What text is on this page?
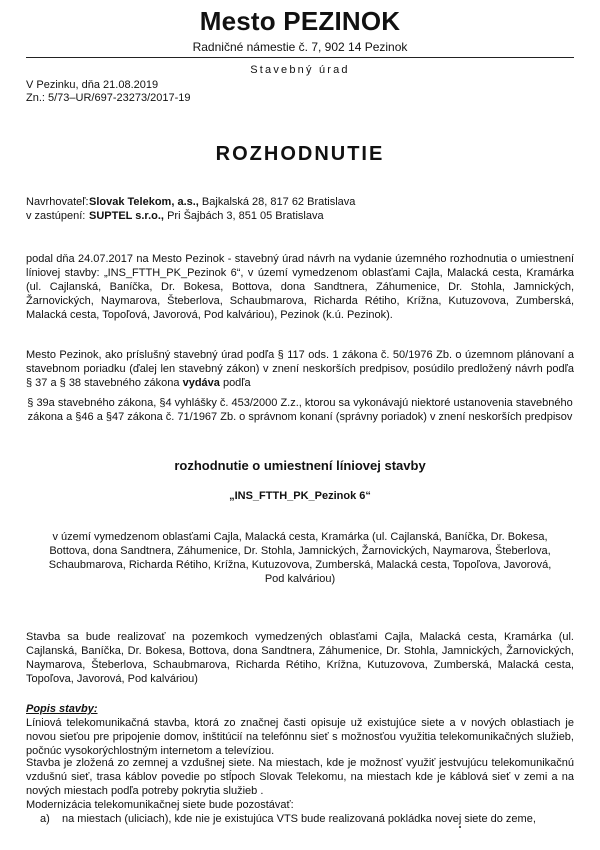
Mesto PEZINOK
Radničné námestie č. 7, 902 14 Pezinok
Stavebný úrad
V Pezinku, dňa 21.08.2019
Zn.: 5/73–UR/697-23273/2017-19
ROZHODNUTIE
Navrhovateľ:Slovak Telekom, a.s., Bajkalská 28, 817 62 Bratislava
v zastúpení: SUPTEL s.r.o., Pri Šajbách 3, 851 05 Bratislava
podal dňa 24.07.2017 na Mesto Pezinok - stavebný úrad návrh na vydanie územného rozhodnutia o umiestnení líniovej stavby: „INS_FTTH_PK_Pezinok 6“, v území vymedzenom oblasťami Cajla, Malacká cesta, Kramárka (ul. Cajlanská, Baníčka, Dr. Bokesa, Bottova, dona Sandtnera, Záhumenice, Dr. Stohla, Jamnických, Žarnovických, Naymarova, Šteberlova, Schaubmarova, Richarda Rétiho, Krížna, Kutuzovova, Zumberská, Malacká cesta, Topoľová, Javorová, Pod kalváriou), Pezinok (k.ú. Pezinok).
Mesto Pezinok, ako príslušný stavebný úrad podľa § 117 ods. 1 zákona č. 50/1976 Zb. o územnom plánovaní a stavebnom poriadku (ďalej len stavebný zákon) v znení neskorších predpisov, posúdilo predložený návrh podľa § 37 a § 38 stavebného zákona vydáva podľa
§ 39a stavebného zákona, §4 vyhlášky č. 453/2000 Z.z., ktorou sa vykonávajú niektoré ustanovenia stavebného zákona a §46 a §47 zákona č. 71/1967 Zb. o správnom konaní (správny poriadok) v znení neskorších predpisov
rozhodnutie o umiestnení líniovej stavby
„INS_FTTH_PK_Pezinok 6“
v území vymedzenom oblasťami Cajla, Malacká cesta, Kramárka (ul. Cajlanská, Baníčka, Dr. Bokesa, Bottova, dona Sandtnera, Záhumenice, Dr. Stohla, Jamnických, Žarnovických, Naymarova, Šteberlova, Schaubmarova, Richarda Rétiho, Krížna, Kutuzovova, Zumberská, Malacká cesta, Topoľova, Javorová, Pod kalváriou)
Stavba sa bude realizovať na pozemkoch vymedzených oblasťami Cajla, Malacká cesta, Kramárka (ul. Cajlanská, Baníčka, Dr. Bokesa, Bottova, dona Sandtnera, Záhumenice, Dr. Stohla, Jamnických, Žarnovických, Naymarova, Šteberlova, Schaubmarova, Richarda Rétiho, Krížna, Kutuzovova, Zumberská, Malacká cesta, Topoľova, Javorová, Pod kalváriou)
Popis stavby:
Líniová telekomunikačná stavba, ktorá zo značnej časti opisuje už existujúce siete a v nových oblastiach je novou sieťou pre pripojenie domov, inštitúcií na telefónnu sieť s možnosťou využitia telekomunikačných služieb, počnúc vysokorýchlostným internetom a televíziou.
Stavba je zložená zo zemnej a vzdušnej siete. Na miestach, kde je možnosť využiť jestvujúcu telekomunikačnú vzdušnú sieť, trasa káblov povedie po stĺpoch Slovak Telekomu, na miestach kde je káblová sieť v zemi a na nových miestach podľa potreby pokrytia služieb .
Modernizácia telekomunikačnej siete bude pozostávať:
a) na miestach (uliciach), kde nie je existujúca VTS bude realizovaná pokládka novej siete do zeme,
